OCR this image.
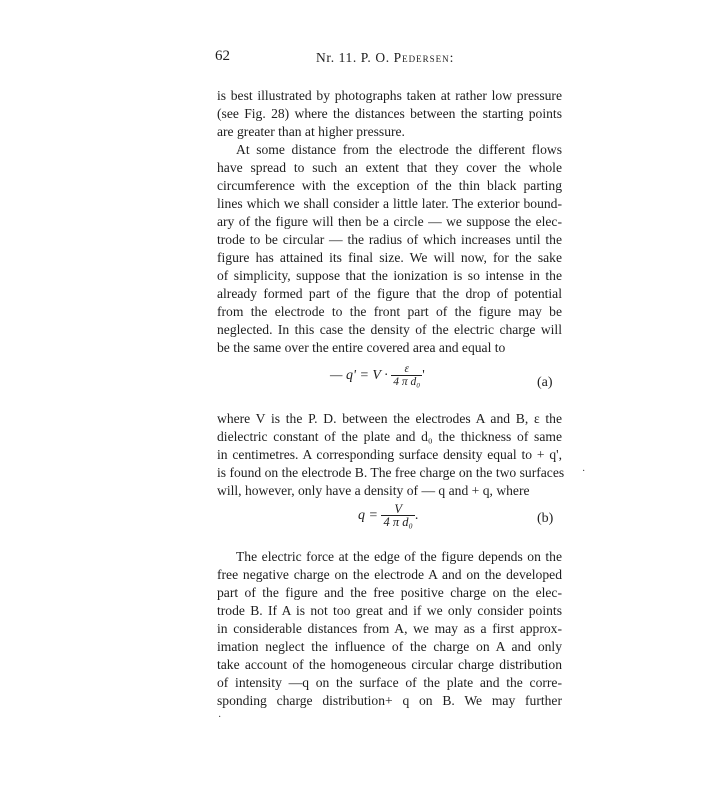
62	Nr. 11. P. O. Pedersen:
is best illustrated by photographs taken at rather low pressure
(see Fig. 28) where the distances between the starting points
are greater than at higher pressure.
At some distance from the electrode the different flows
have spread to such an extent that they cover the whole
circumference with the exception of the thin black parting
lines which we shall consider a little later. The exterior bound-
ary of the figure will then be a circle — we suppose the elec-
trode to be circular — the radius of which increases until the
figure has attained its final size. We will now, for the sake
of simplicity, suppose that the ionization is so intense in the
already formed part of the figure that the drop of potential
from the electrode to the front part of the figure may be
neglected. In this case the density of the electric charge will
be the same over the entire covered area and equal to
— $q' = V \cdot \frac{\varepsilon}{\text{4 π d₀}}$ '	(a)
where V is the P. D. between the electrodes A and B, ε the
dielectric constant of the plate and d₀ the thickness of same
in centimetres. A corresponding surface density equal to + q',
is found on the electrode B. The free charge on the two surfaces
will, however, only have a density of — q and + q, where
·
$q = \frac{V}{\text{4 π d₀}}$ .	(b)
The electric force at the edge of the figure depends on the
free negative charge on the electrode A and on the developed
part of the figure and the free positive charge on the elec-
trode B. If A is not too great and if we only consider points
in considerable distances from A, we may as a first approx-
imation neglect the influence of the charge on A and only
take account of the homogeneous circular charge distribution
of intensity —q on the surface of the plate and the corre-
sponding charge distribution+ q on B. We may further
·
